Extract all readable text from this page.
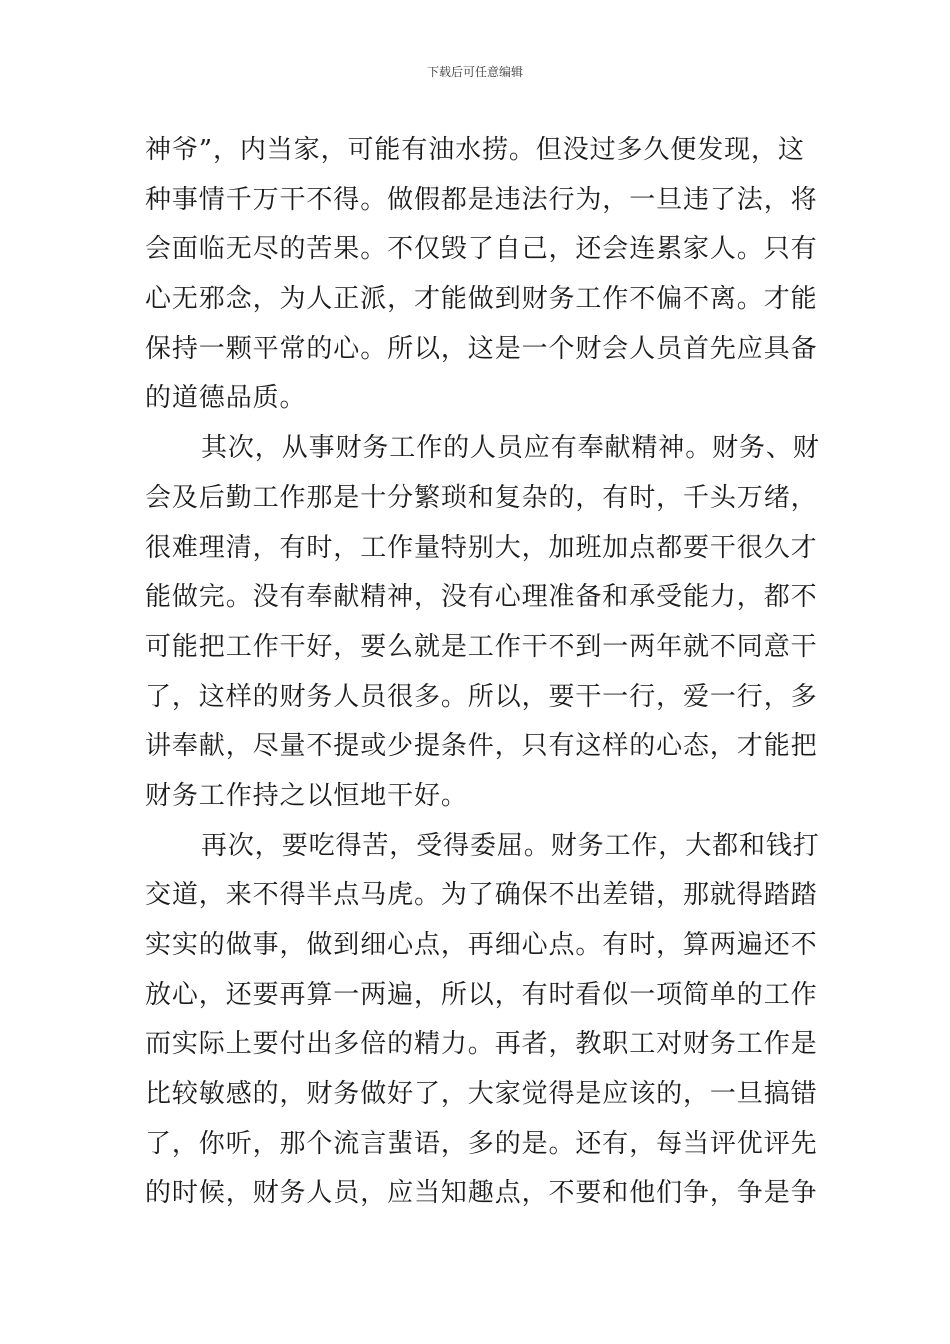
下载后可任意编辑
神爷”，内当家，可能有油水捞。但没过多久便发现，这
种事情千万干不得。做假都是违法行为，一旦违了法，将
会面临无尽的苦果。不仅毁了自己，还会连累家人。只有
心无邪念，为人正派，才能做到财务工作不偏不离。才能
保持一颗平常的心。所以，这是一个财会人员首先应具备
的道德品质。
其次，从事财务工作的人员应有奉献精神。财务、财
会及后勤工作那是十分繁琐和复杂的，有时，千头万绪，
很难理清，有时，工作量特别大，加班加点都要干很久才
能做完。没有奉献精神，没有心理准备和承受能力，都不
可能把工作干好，要么就是工作干不到一两年就不同意干
了，这样的财务人员很多。所以，要干一行，爱一行，多
讲奉献，尽量不提或少提条件，只有这样的心态，才能把
财务工作持之以恒地干好。
再次，要吃得苦，受得委屈。财务工作，大都和钱打
交道，来不得半点马虎。为了确保不出差错，那就得踏踏
实实的做事，做到细心点，再细心点。有时，算两遍还不
放心，还要再算一两遍，所以，有时看似一项简单的工作
而实际上要付出多倍的精力。再者，教职工对财务工作是
比较敏感的，财务做好了，大家觉得是应该的，一旦搞错
了，你听，那个流言蜚语，多的是。还有，每当评优评先
的时候，财务人员，应当知趣点，不要和他们争，争是争
